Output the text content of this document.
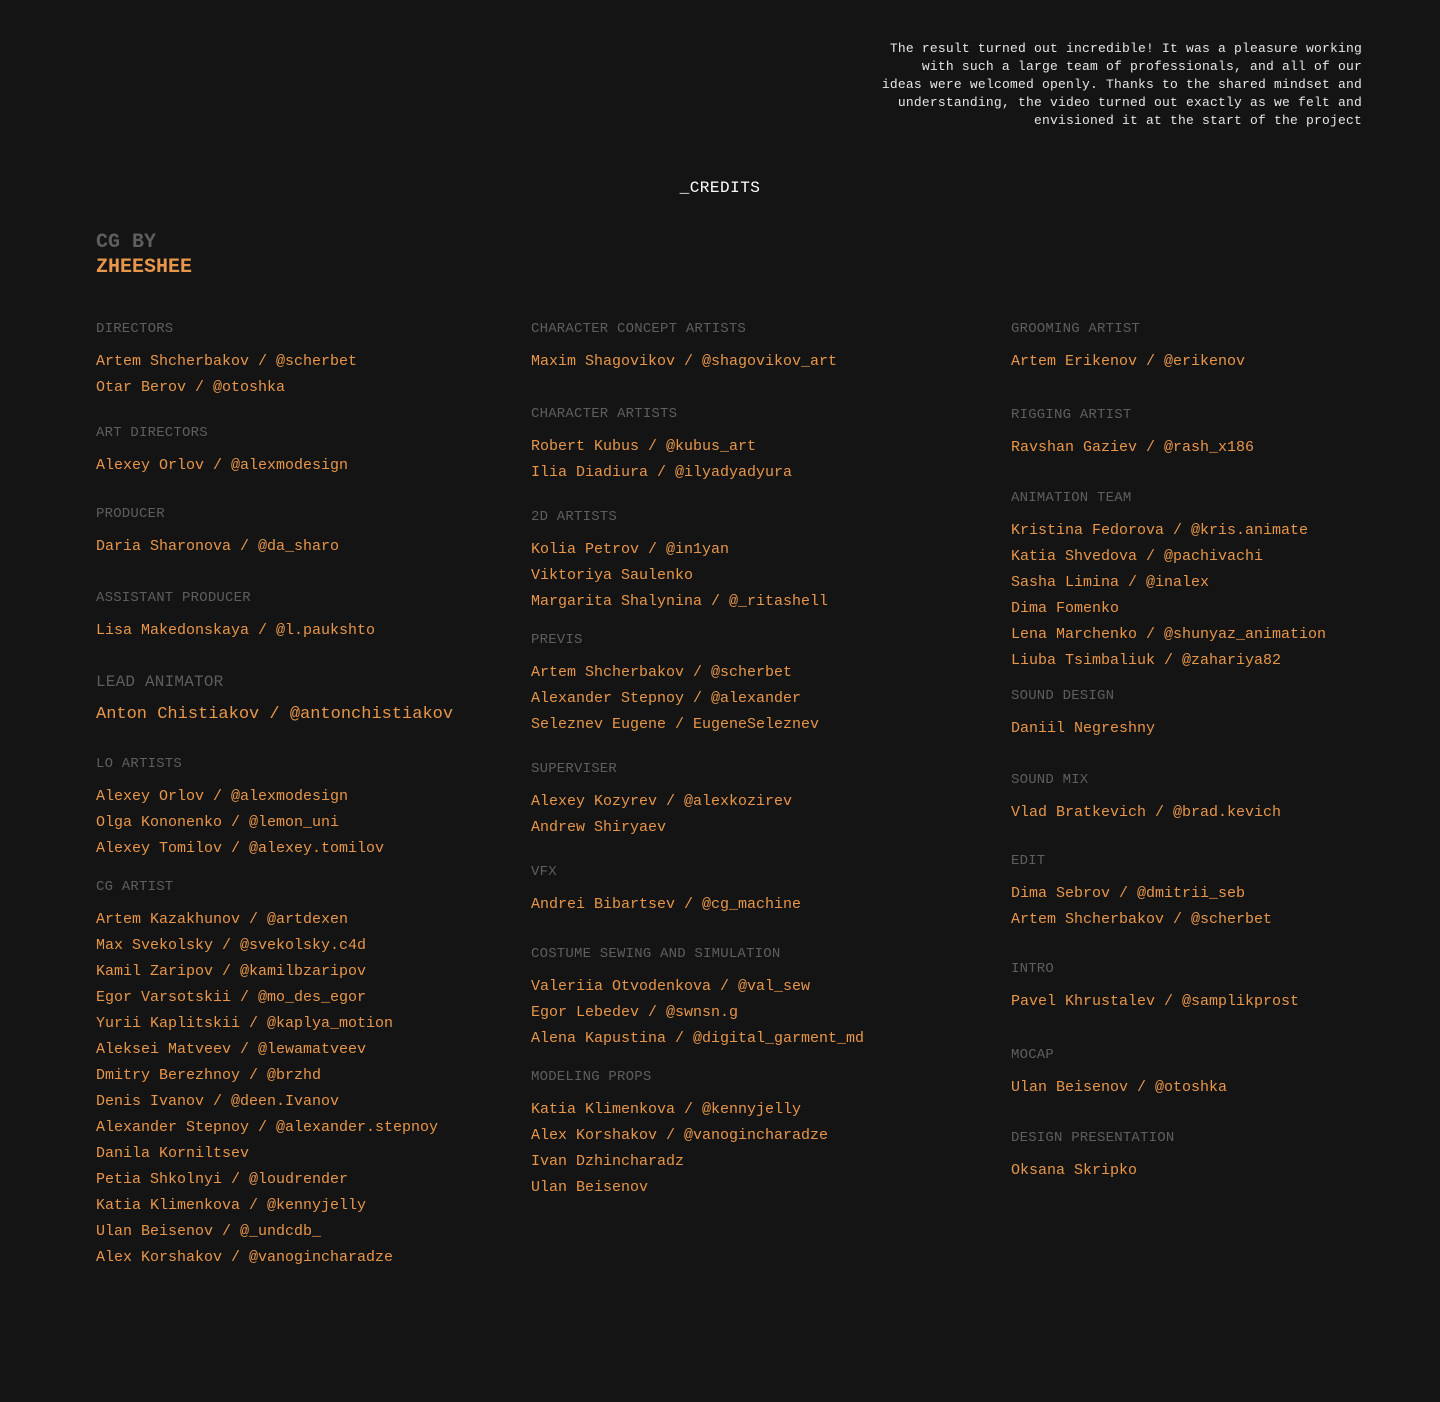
The result turned out incredible! It was a pleasure working
with such a large team of professionals, and all of our
ideas were welcomed openly. Thanks to the shared mindset and
understanding, the video turned out exactly as we felt and
envisioned it at the start of the project
_CREDITS
CG BY
ZHEESHEE
DIRECTORS
Artem Shcherbakov / @scherbet
Otar Berov / @otoshka
ART DIRECTORS
Alexey Orlov / @alexmodesign
PRODUCER
Daria Sharonova / @da_sharo
ASSISTANT PRODUCER
Lisa Makedonskaya / @l.paukshto
LEAD ANIMATOR
Anton Chistiakov / @antonchistiakov
LO ARTISTS
Alexey Orlov / @alexmodesign
Olga Kononenko / @lemon_uni
Alexey Tomilov / @alexey.tomilov
CG ARTIST
Artem Kazakhunov / @artdexen
Max Svekolsky / @svekolsky.c4d
Kamil Zaripov / @kamilbzaripov
Egor Varsotskii / @mo_des_egor
Yurii Kaplitskii / @kaplya_motion
Aleksei Matveev / @lewamatveev
Dmitry Berezhnoy / @brzhd
Denis Ivanov / @deen.Ivanov
Alexander Stepnoy / @alexander.stepnoy
Danila Korniltsev
Petia Shkolnyi / @loudrender
Katia Klimenkova / @kennyjelly
Ulan Beisenov / @_undcdb_
Alex Korshakov / @vanogincharadze
CHARACTER CONCEPT ARTISTS
Maxim Shagovikov / @shagovikov_art
CHARACTER ARTISTS
Robert Kubus / @kubus_art
Ilia Diadiura / @ilyadyadyura
2D ARTISTS
Kolia Petrov / @in1yan
Viktoriya Saulenko
Margarita Shalynina / @_ritashell
PREVIS
Artem Shcherbakov / @scherbet
Alexander Stepnoy / @alexander
Seleznev Eugene / EugeneSeleznev
SUPERVISER
Alexey Kozyrev / @alexkozirev
Andrew Shiryaev
VFX
Andrei Bibartsev / @cg_machine
COSTUME SEWING AND SIMULATION
Valeriia Otvodenkova / @val_sew
Egor Lebedev / @swnsn.g
Alena Kapustina / @digital_garment_md
MODELING PROPS
Katia Klimenkova / @kennyjelly
Alex Korshakov / @vanogincharadze
Ivan Dzhincharadz
Ulan Beisenov
GROOMING ARTIST
Artem Erikenov / @erikenov
RIGGING ARTIST
Ravshan Gaziev / @rash_x186
ANIMATION TEAM
Kristina Fedorova / @kris.animate
Katia Shvedova / @pachivachi
Sasha Limina / @inalex
Dima Fomenko
Lena Marchenko / @shunyaz_animation
Liuba Tsimbaliuk / @zahariya82
SOUND DESIGN
Daniil Negreshny
SOUND MIX
Vlad Bratkevich / @brad.kevich
EDIT
Dima Sebrov / @dmitrii_seb
Artem Shcherbakov / @scherbet
INTRO
Pavel Khrustalev / @samplikprost
MOCAP
Ulan Beisenov / @otoshka
DESIGN PRESENTATION
Oksana Skripko
